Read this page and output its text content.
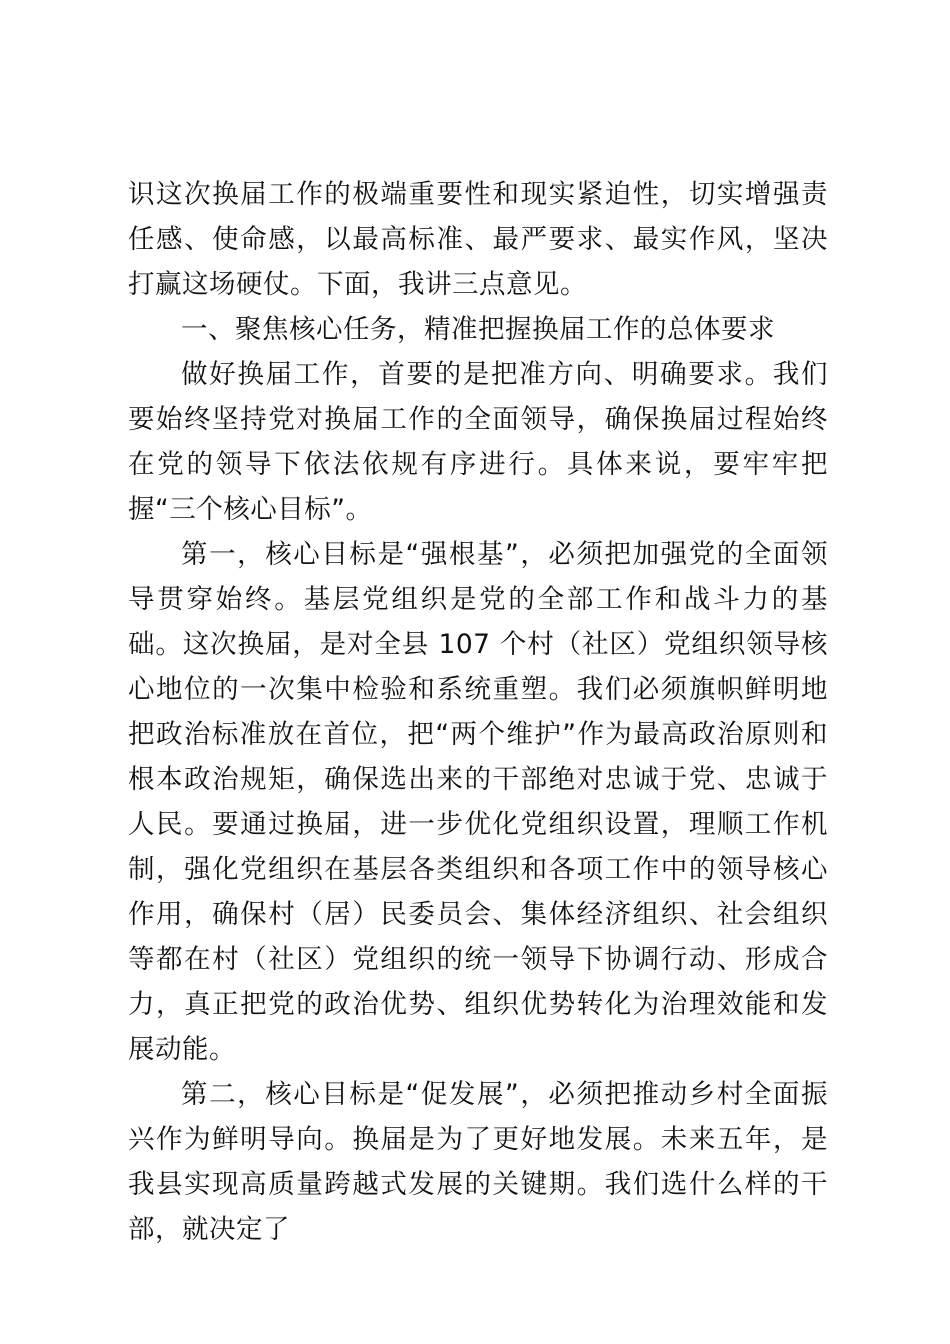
识这次换届工作的极端重要性和现实紧迫性，切实增强责任感、使命感，以最高标准、最严要求、最实作风，坚决打赢这场硬仗。下面，我讲三点意见。

一、聚焦核心任务，精准把握换届工作的总体要求

做好换届工作，首要的是把准方向、明确要求。我们要始终坚持党对换届工作的全面领导，确保换届过程始终在党的领导下依法依规有序进行。具体来说，要牢牢把握“三个核心目标”。

第一，核心目标是“强根基”，必须把加强党的全面领导贯穿始终。基层党组织是党的全部工作和战斗力的基础。这次换届，是对全县 107 个村（社区）党组织领导核心地位的一次集中检验和系统重塑。我们必须旗帜鲜明地把政治标准放在首位，把“两个维护”作为最高政治原则和根本政治规矩，确保选出来的干部绝对忠诚于党、忠诚于人民。要通过换届，进一步优化党组织设置，理顺工作机制，强化党组织在基层各类组织和各项工作中的领导核心作用，确保村（居）民委员会、集体经济组织、社会组织等都在村（社区）党组织的统一领导下协调行动、形成合力，真正把党的政治优势、组织优势转化为治理效能和发展动能。

第二，核心目标是“促发展”，必须把推动乡村全面振兴作为鲜明导向。换届是为了更好地发展。未来五年，是我县实现高质量跨越式发展的关键期。我们选什么样的干部，就决定了
